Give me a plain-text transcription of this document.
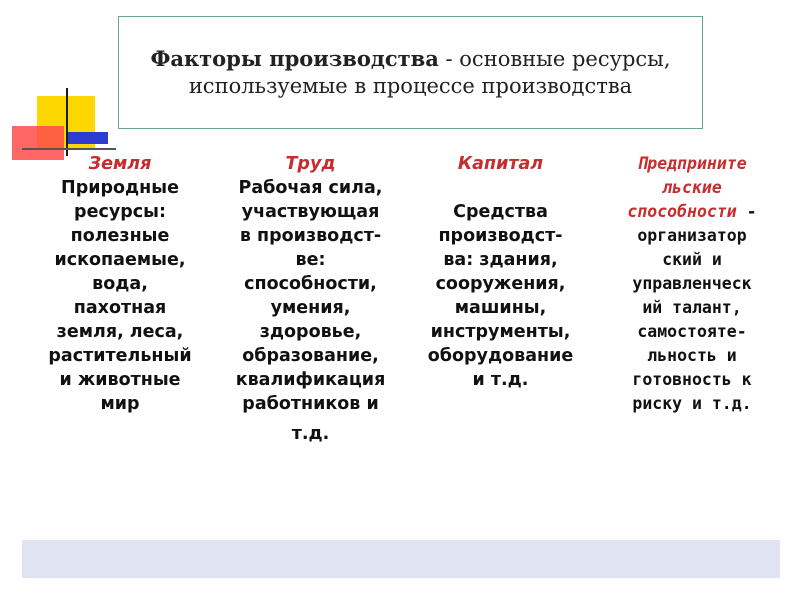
Факторы производства - основные ресурсы, используемые в процессе производства
Земля
Природные
ресурсы:
полезные
ископаемые,
вода,
пахотная
земля, леса,
растительный
и животные
мир
Труд
Рабочая сила,
участвующая
в производст-
ве:
способности,
умения,
здоровье,
образование,
квалификация
работников и
т.д.
Капитал
Средства
производст-
ва: здания,
сооружения,
машины,
инструменты,
оборудование
и т.д.
Предприните
льские
способности -
организатор
ский и
управленческ
ий талант,
самостояте-
льность и
готовность к
риску и т.д.
